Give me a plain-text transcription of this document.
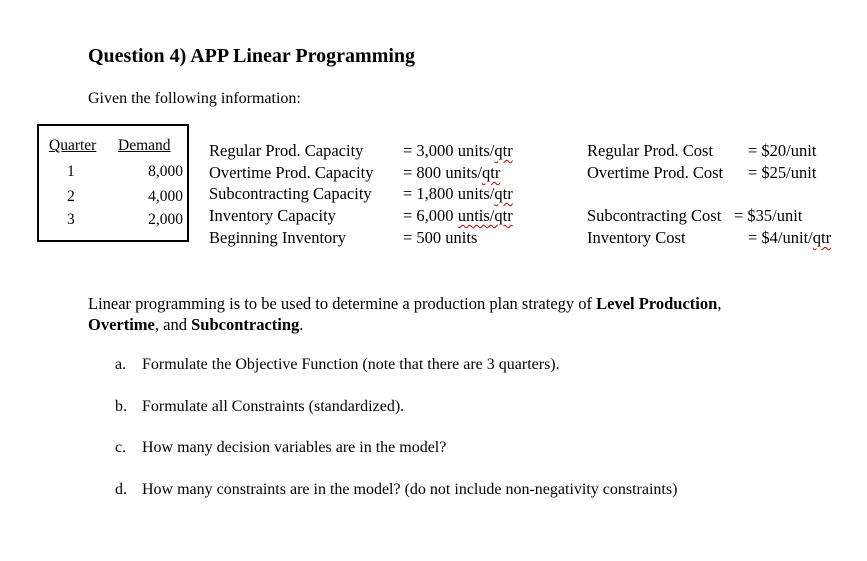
Question 4) APP Linear Programming
Given the following information:
Quarter Demand
1	8,000
2	4,000
3	2,000
Regular Prod. Capacity = 3,000 units/qtr
Overtime Prod. Capacity = 800 units/qtr
Subcontracting Capacity = 1,800 units/qtr
Inventory Capacity	= 6,000 untis/qtr
Beginning Inventory	= 500 units
Regular Prod. Cost = $20/unit
Overtime Prod. Cost = $25/unit
Subcontracting Cost = $35/unit
Inventory Cost	= $4/unit/qtr
Linear programming is to be used to determine a production plan strategy of Level Production,
Overtime, and Subcontracting.
a. Formulate the Objective Function (note that there are 3 quarters).
b. Formulate all Constraints (standardized).
c. How many decision variables are in the model?
d. How many constraints are in the model? (do not include non-negativity constraints)
